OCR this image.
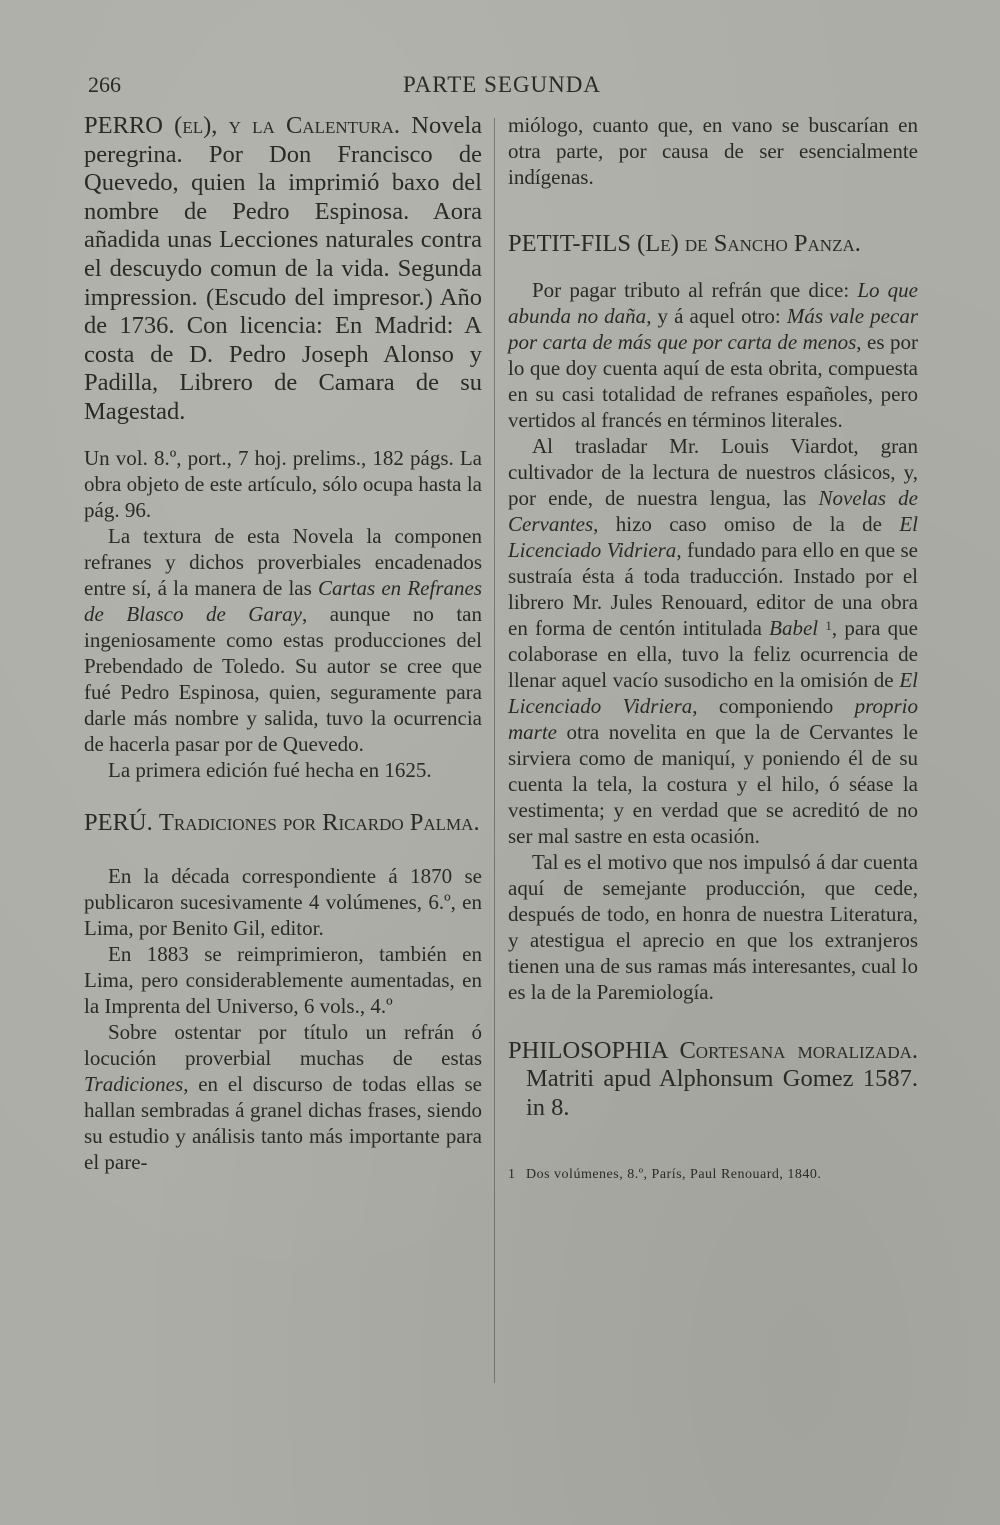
266	PARTE SEGUNDA

PERRO (el), y la Calentura. Novela peregrina. Por Don Francisco de Quevedo, quien la imprimió baxo del nombre de Pedro Espinosa. Aora añadida unas Lecciones naturales contra el descuydo comun de la vida. Segunda impression. (Escudo del impresor.) Año de 1736. Con licencia: En Madrid: A costa de D. Pedro Joseph Alonso y Padilla, Librero de Camara de su Magestad.

Un vol. 8.º, port., 7 hoj. prelims., 182 págs. La obra objeto de este artículo, sólo ocupa hasta la pág. 96.

La textura de esta Novela la componen refranes y dichos proverbiales encadenados entre sí, á la manera de las Cartas en Refranes de Blasco de Garay, aunque no tan ingeniosamente como estas producciones del Prebendado de Toledo. Su autor se cree que fué Pedro Espinosa, quien, seguramente para darle más nombre y salida, tuvo la ocurrencia de hacerla pasar por de Quevedo.

La primera edición fué hecha en 1625.

PERÚ. Tradiciones por Ricardo Palma.

En la década correspondiente á 1870 se publicaron sucesivamente 4 volúmenes, 6.º, en Lima, por Benito Gil, editor.

En 1883 se reimprimieron, también en Lima, pero considerablemente aumentadas, en la Imprenta del Universo, 6 vols., 4.º

Sobre ostentar por título un refrán ó locución proverbial muchas de estas Tradiciones, en el discurso de todas ellas se hallan sembradas á granel dichas frases, siendo su estudio y análisis tanto más importante para el pare-

miólogo, cuanto que, en vano se buscarían en otra parte, por causa de ser esencialmente indígenas.

PETIT-FILS (Le) de Sancho Panza.

Por pagar tributo al refrán que dice: Lo que abunda no daña, y á aquel otro: Más vale pecar por carta de más que por carta de menos, es por lo que doy cuenta aquí de esta obrita, compuesta en su casi totalidad de refranes españoles, pero vertidos al francés en términos literales.

Al trasladar Mr. Louis Viardot, gran cultivador de la lectura de nuestros clásicos, y, por ende, de nuestra lengua, las Novelas de Cervantes, hizo caso omiso de la de El Licenciado Vidriera, fundado para ello en que se sustraía ésta á toda traducción. Instado por el librero Mr. Jules Renouard, editor de una obra en forma de centón intitulada Babel $^1$, para que colaborase en ella, tuvo la feliz ocurrencia de llenar aquel vacío susodicho en la omisión de El Licenciado Vidriera, componiendo proprio marte otra novelita en que la de Cervantes le sirviera como de maniquí, y poniendo él de su cuenta la tela, la costura y el hilo, ó séase la vestimenta; y en verdad que se acreditó de no ser mal sastre en esta ocasión.

Tal es el motivo que nos impulsó á dar cuenta aquí de semejante producción, que cede, después de todo, en honra de nuestra Literatura, y atestigua el aprecio en que los extranjeros tienen una de sus ramas más interesantes, cual lo es la de la Paremiología.

PHILOSOPHIA Cortesana moralizada. Matriti apud Alphonsum Gomez 1587. in 8.

1 Dos volúmenes, 8.º, París, Paul Renouard, 1840.
